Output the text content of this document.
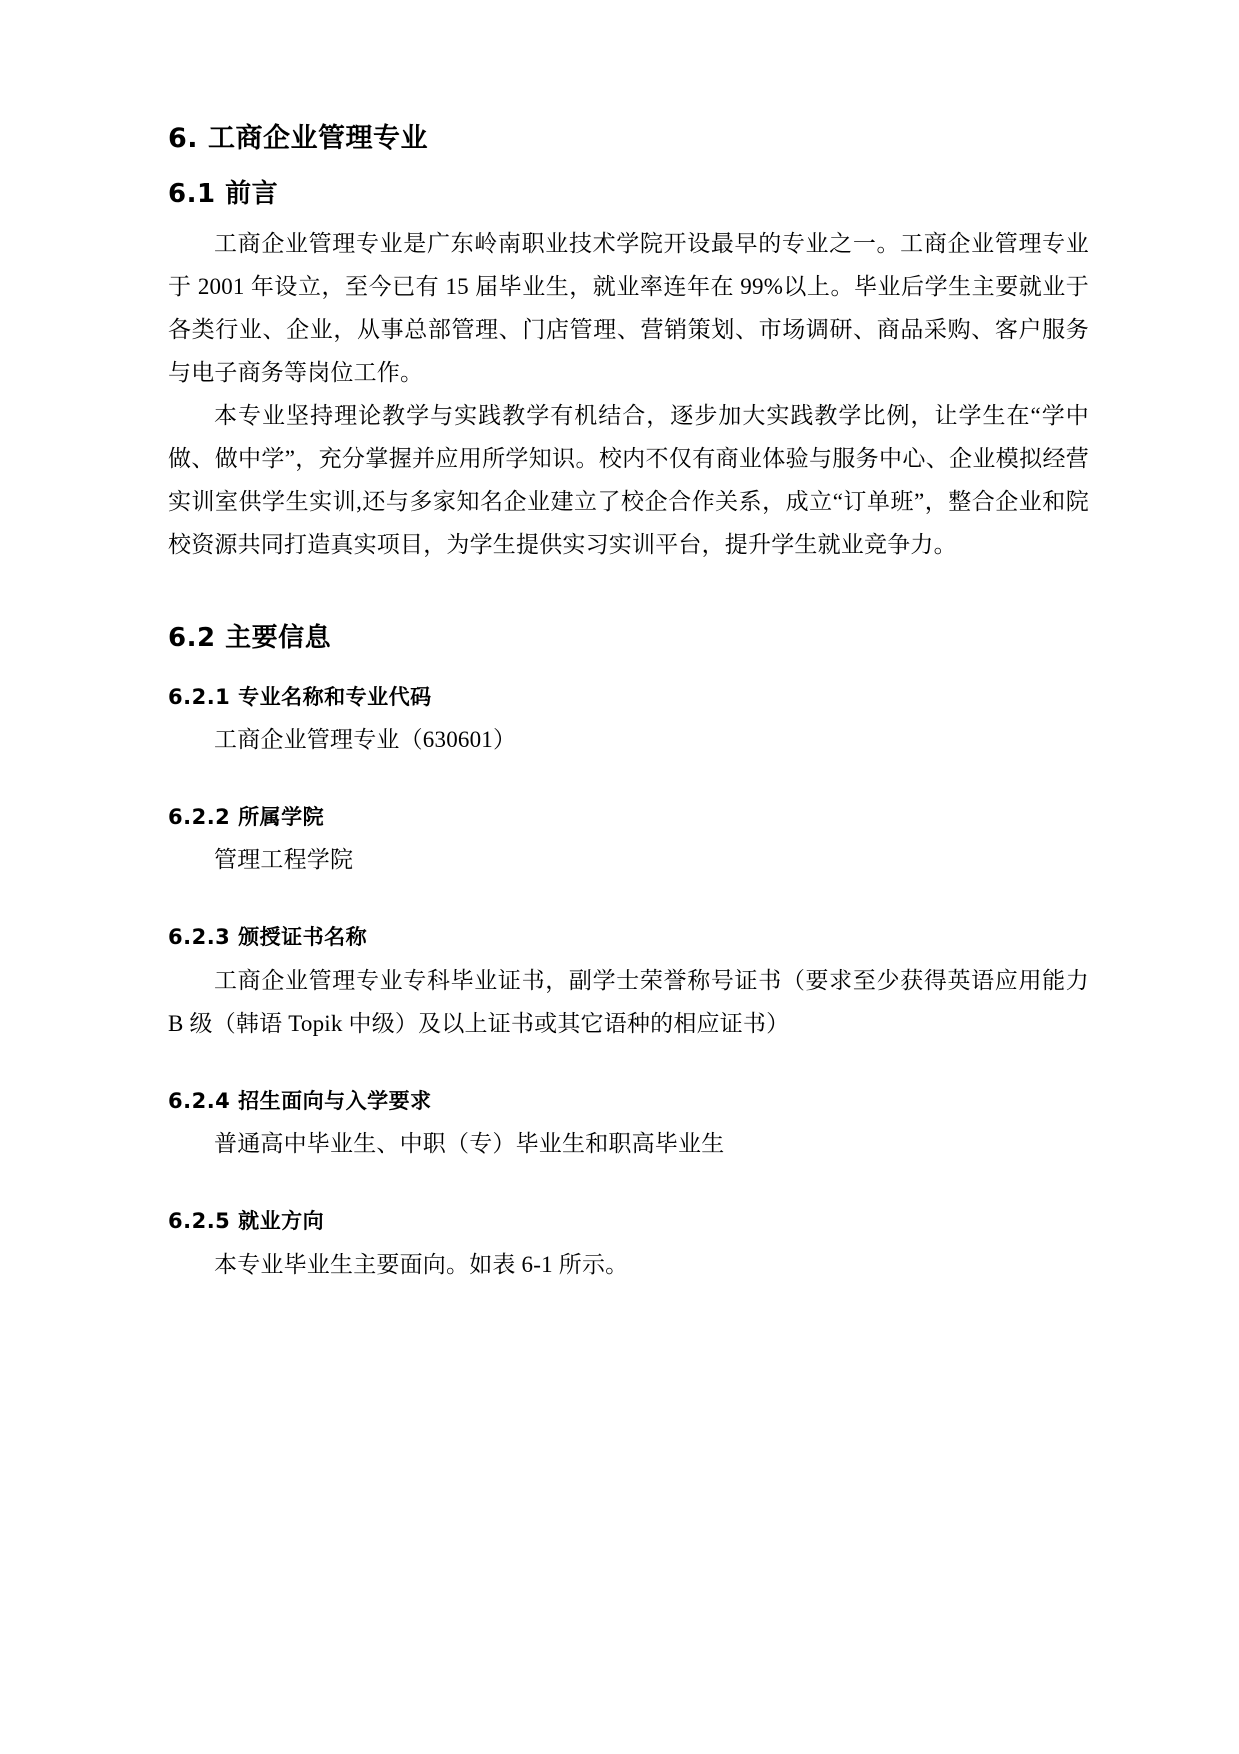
6. 工商企业管理专业
6.1 前言

工商企业管理专业是广东岭南职业技术学院开设最早的专业之一。工商企业管理专业于 2001 年设立，至今已有 15 届毕业生，就业率连年在 99%以上。毕业后学生主要就业于各类行业、企业，从事总部管理、门店管理、营销策划、市场调研、商品采购、客户服务与电子商务等岗位工作。

本专业坚持理论教学与实践教学有机结合，逐步加大实践教学比例，让学生在“学中做、做中学”，充分掌握并应用所学知识。校内不仅有商业体验与服务中心、企业模拟经营实训室供学生实训,还与多家知名企业建立了校企合作关系，成立“订单班”，整合企业和院校资源共同打造真实项目，为学生提供实习实训平台，提升学生就业竞争力。

6.2 主要信息
6.2.1 专业名称和专业代码

工商企业管理专业（630601）

6.2.2 所属学院

管理工程学院

6.2.3 颁授证书名称

工商企业管理专业专科毕业证书，副学士荣誉称号证书（要求至少获得英语应用能力 B 级（韩语 Topik 中级）及以上证书或其它语种的相应证书）

6.2.4 招生面向与入学要求

普通高中毕业生、中职（专）毕业生和职高毕业生

6.2.5 就业方向

本专业毕业生主要面向。如表 6-1 所示。
